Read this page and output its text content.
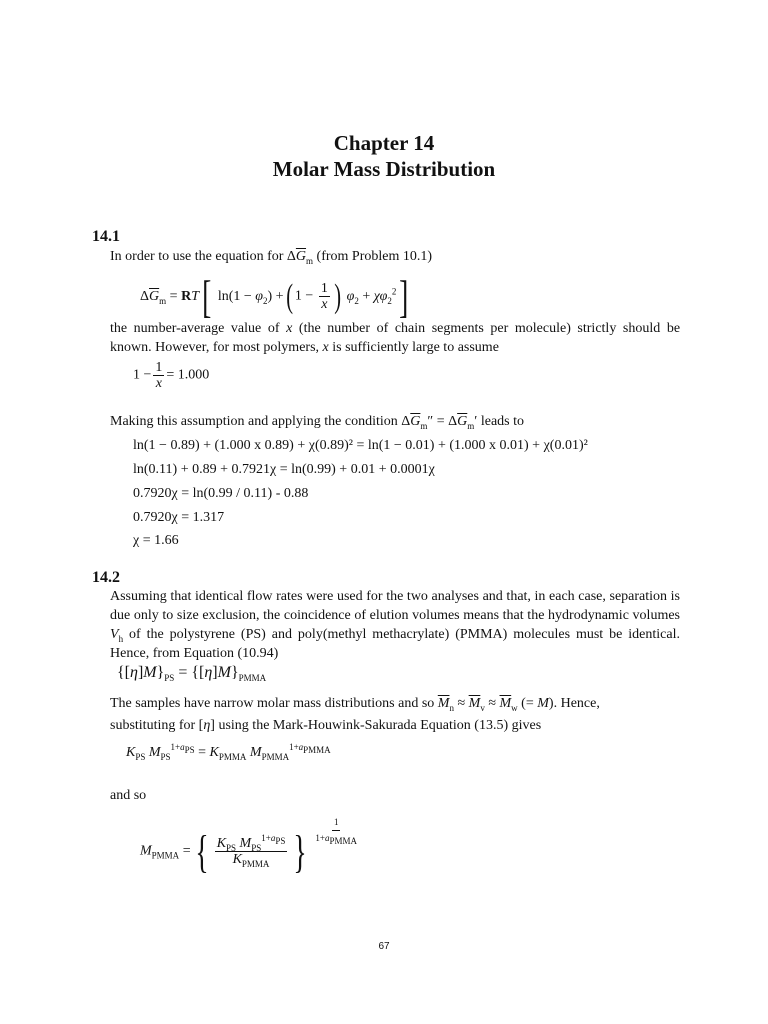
Chapter 14
Molar Mass Distribution
14.1
In order to use the equation for $\Delta\overline{G}_m$ (from Problem 10.1)
$\Delta\overline{G}_m = RT$[ $\ln(1 - \varphi_2)$ +( $1 - \frac{1}{x}$ ) $\varphi_2 + \chi\varphi_2^2$]
the number-average value of x (the number of chain segments per molecule) strictly should be known. However, for most polymers, x is sufficiently large to assume
$1 - \frac{1}{x} = 1.000$
Making this assumption and applying the condition $\Delta\overline{G}_m'' = \Delta\overline{G}_m'$ leads to
ln(1 − 0.89) + (1.000 x 0.89) + χ(0.89)² = ln(1 − 0.01) + (1.000 x 0.01) + χ(0.01)²
ln(0.11) + 0.89 + 0.7921χ = ln(0.99) + 0.01 + 0.0001χ
0.7920χ = ln(0.99 / 0.11) - 0.88
0.7920χ = 1.317
χ = 1.66
14.2
Assuming that identical flow rates were used for the two analyses and that, in each case, separation is due only to size exclusion, the coincidence of elution volumes means that the hydrodynamic volumes $V_h$ of the polystyrene (PS) and poly(methyl methacrylate) (PMMA) molecules must be identical. Hence, from Equation (10.94)
$\{[\eta]M\}_{PS} = \{[\eta]M\}_{PMMA}$
The samples have narrow molar mass distributions and so $\overline{M}_n \approx \overline{M}_v \approx \overline{M}_w$ (= M). Hence,
substituting for [η] using the Mark-Houwink-Sakurada Equation (13.5) gives
$K_{PS}$ $M_{PS}^{1+a_{PS}} = K_{PMMA}$ $M_{PMMA}^{1+a_{PMMA}}$
and so
$M_{PMMA}$ ={ $\frac{K_{PS} M_{PS}^{1+a_{PS}}}{K_{PMMA}}$ } $^{\frac{1}{1+a_{PMMA}}}$
67
